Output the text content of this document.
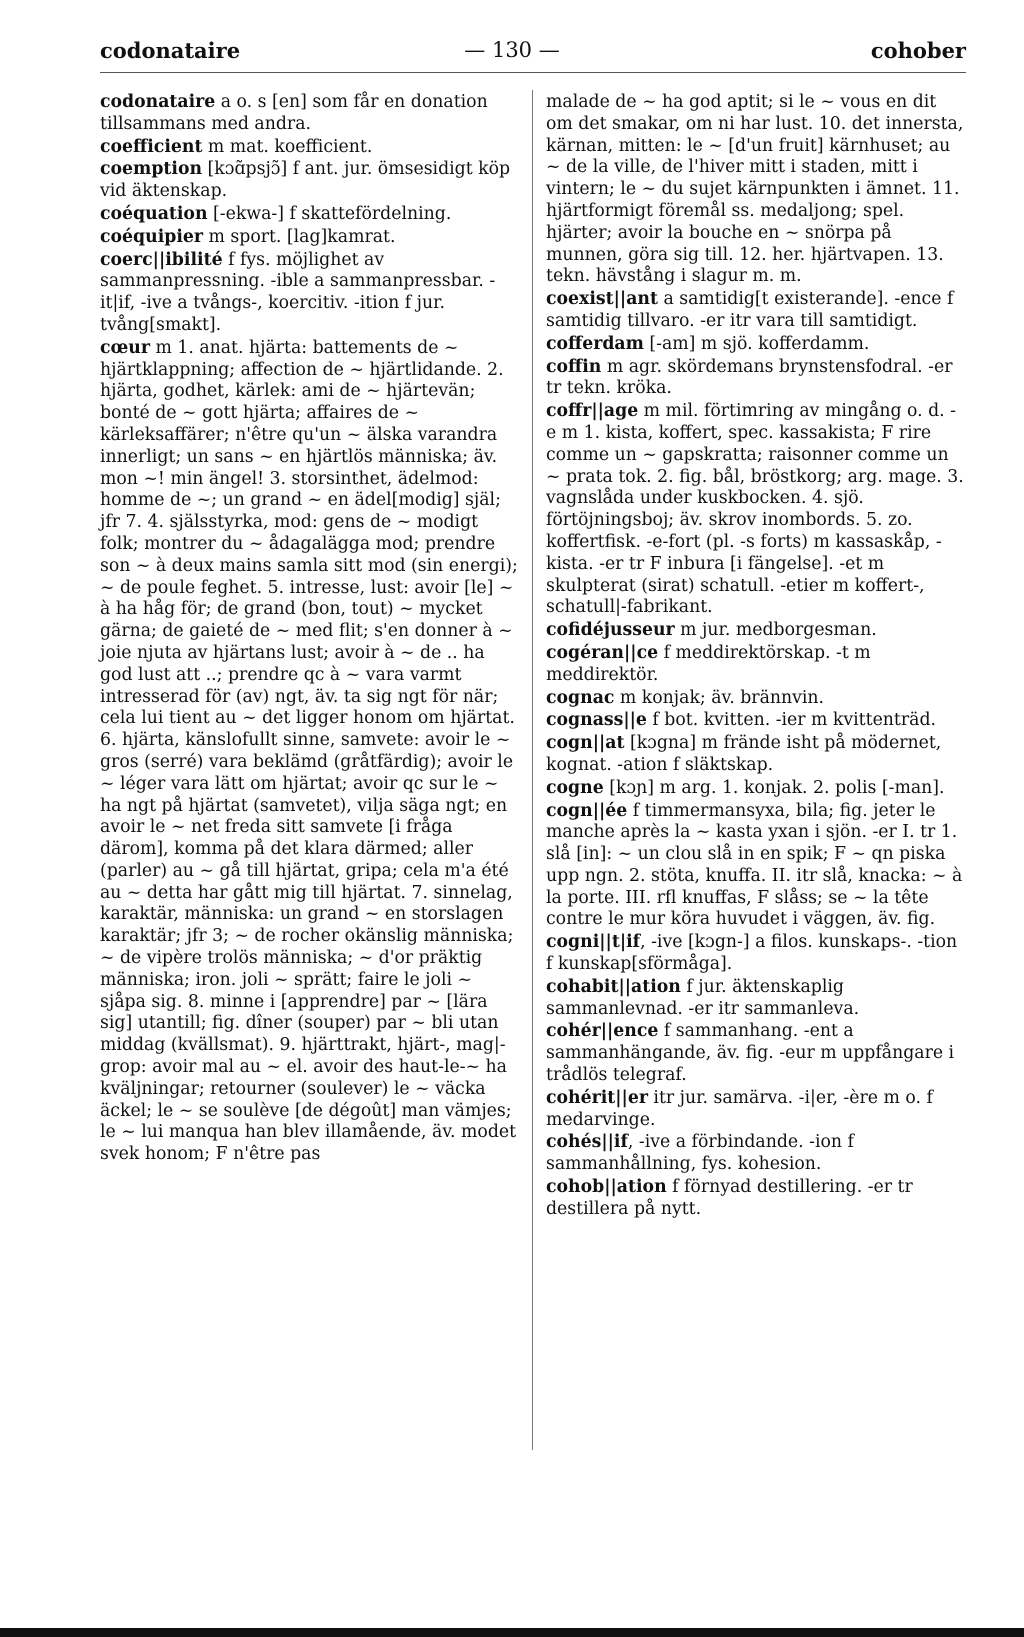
codonataire	— 130 —	cohober

codonataire a o. s [en] som får en donation tillsammans med andra.

coefficient m mat. koefficient.

coemption [kɔɑ̃psjɔ̃] f ant. jur. ömsesidigt köp vid äktenskap.

coéquation [-ekwa-] f skattefördelning.

coéquipier m sport. [lag]kamrat.

coerc||ibilité f fys. möjlighet av sammanpressning. -ible a sammanpressbar. -it|if, -ive a tvångs-, koercitiv. -ition f jur. tvång[smakt].

cœur m 1. anat. hjärta: battements de ~ hjärtklappning; affection de ~ hjärtlidande. 2. hjärta, godhet, kärlek: ami de ~ hjärtevän; bonté de ~ gott hjärta; affaires de ~ kärleksaffärer; n'être qu'un ~ älska varandra innerligt; un sans ~ en hjärtlös människa; äv. mon ~! min ängel! 3. storsinthet, ädelmod: homme de ~; un grand ~ en ädel[modig] själ; jfr 7. 4. själsstyrka, mod: gens de ~ modigt folk; montrer du ~ ådagalägga mod; prendre son ~ à deux mains samla sitt mod (sin energi); ~ de poule feghet. 5. intresse, lust: avoir [le] ~ à ha håg för; de grand (bon, tout) ~ mycket gärna; de gaieté de ~ med flit; s'en donner à ~ joie njuta av hjärtans lust; avoir à ~ de .. ha god lust att ..; prendre qc à ~ vara varmt intresserad för (av) ngt, äv. ta sig ngt för när; cela lui tient au ~ det ligger honom om hjärtat. 6. hjärta, känslofullt sinne, samvete: avoir le ~ gros (serré) vara beklämd (gråtfärdig); avoir le ~ léger vara lätt om hjärtat; avoir qc sur le ~ ha ngt på hjärtat (samvetet), vilja säga ngt; en avoir le ~ net freda sitt samvete [i fråga därom], komma på det klara därmed; aller (parler) au ~ gå till hjärtat, gripa; cela m'a été au ~ detta har gått mig till hjärtat. 7. sinnelag, karaktär, människa: un grand ~ en storslagen karaktär; jfr 3; ~ de rocher okänslig människa; ~ de vipère trolös människa; ~ d'or präktig människa; iron. joli ~ sprätt; faire le joli ~ sjåpa sig. 8. minne i [apprendre] par ~ [lära sig] utantill; fig. dîner (souper) par ~ bli utan middag (kvällsmat). 9. hjärttrakt, hjärt-, mag|-grop: avoir mal au ~ el. avoir des haut-le-~ ha kväljningar; retourner (soulever) le ~ väcka äckel; le ~ se soulève [de dégoût] man vämjes; le ~ lui manqua han blev illamående, äv. modet svek honom; F n'être pas

malade de ~ ha god aptit; si le ~ vous en dit om det smakar, om ni har lust. 10. det innersta, kärnan, mitten: le ~ [d'un fruit] kärnhuset; au ~ de la ville, de l'hiver mitt i staden, mitt i vintern; le ~ du sujet kärnpunkten i ämnet. 11. hjärtformigt föremål ss. medaljong; spel. hjärter; avoir la bouche en ~ snörpa på munnen, göra sig till. 12. her. hjärtvapen. 13. tekn. hävstång i slagur m. m.

coexist||ant a samtidig[t existerande]. -ence f samtidig tillvaro. -er itr vara till samtidigt.

cofferdam [-am] m sjö. kofferdamm.

coffin m agr. skördemans brynstensfodral. -er tr tekn. kröka.

coffr||age m mil. förtimring av mingång o. d. -e m 1. kista, koffert, spec. kassakista; F rire comme un ~ gapskratta; raisonner comme un ~ prata tok. 2. fig. bål, bröstkorg; arg. mage. 3. vagnslåda under kuskbocken. 4. sjö. förtöjningsboj; äv. skrov inombords. 5. zo. koffertfisk. -e-fort (pl. -s forts) m kassaskåp, -kista. -er tr F inbura [i fängelse]. -et m skulpterat (sirat) schatull. -etier m koffert-, schatull|-fabrikant.

cofidéjusseur m jur. medborgesman.

cogéran||ce f meddirektörskap. -t m meddirektör.

cognac m konjak; äv. brännvin.

cognass||e f bot. kvitten. -ier m kvittenträd.

cogn||at [kɔgna] m frände isht på mödernet, kognat. -ation f släktskap.

cogne [kɔɲ] m arg. 1. konjak. 2. polis [-man].

cogn||ée f timmermansyxa, bila; fig. jeter le manche après la ~ kasta yxan i sjön. -er I. tr 1. slå [in]: ~ un clou slå in en spik; F ~ qn piska upp ngn. 2. stöta, knuffa. II. itr slå, knacka: ~ à la porte. III. rfl knuffas, F slåss; se ~ la tête contre le mur köra huvudet i väggen, äv. fig.

cogni||t|if, -ive [kɔgn-] a filos. kunskaps-. -tion f kunskap[sförmåga].

cohabit||ation f jur. äktenskaplig sammanlevnad. -er itr sammanleva.

cohér||ence f sammanhang. -ent a sammanhängande, äv. fig. -eur m uppfångare i trådlös telegraf.

cohérit||er itr jur. samärva. -i|er, -ère m o. f medarvinge.

cohés||if, -ive a förbindande. -ion f sammanhållning, fys. kohesion.

cohob||ation f förnyad destillering. -er tr destillera på nytt.
